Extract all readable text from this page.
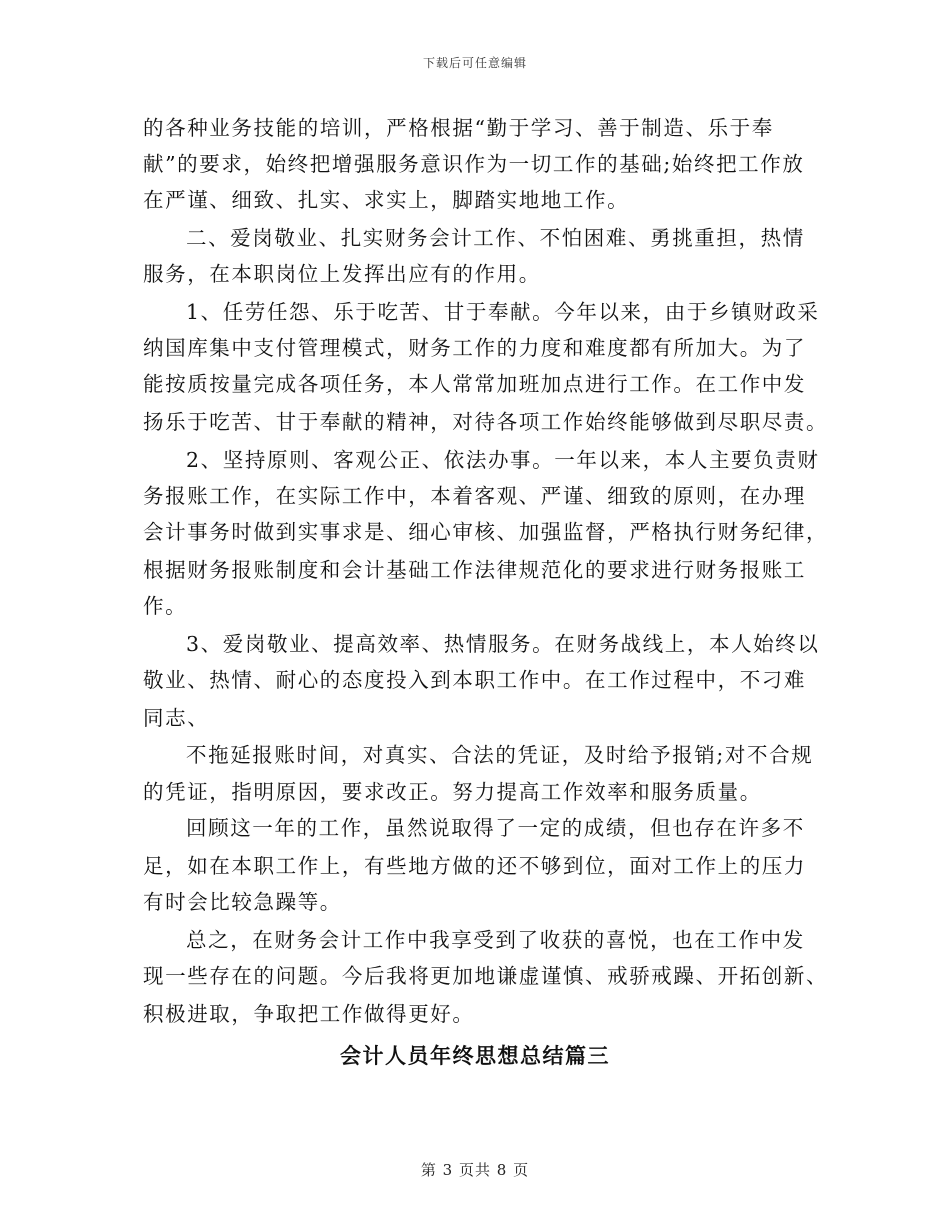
下载后可任意编辑
的各种业务技能的培训，严格根据“勤于学习、善于制造、乐于奉
献”的要求，始终把增强服务意识作为一切工作的基础;始终把工作放
在严谨、细致、扎实、求实上，脚踏实地地工作。
二、爱岗敬业、扎实财务会计工作、不怕困难、勇挑重担，热情
服务，在本职岗位上发挥出应有的作用。
1、任劳任怨、乐于吃苦、甘于奉献。今年以来，由于乡镇财政采
纳国库集中支付管理模式，财务工作的力度和难度都有所加大。为了
能按质按量完成各项任务，本人常常加班加点进行工作。在工作中发
扬乐于吃苦、甘于奉献的精神，对待各项工作始终能够做到尽职尽责。
2、坚持原则、客观公正、依法办事。一年以来，本人主要负责财
务报账工作，在实际工作中，本着客观、严谨、细致的原则，在办理
会计事务时做到实事求是、细心审核、加强监督，严格执行财务纪律，
根据财务报账制度和会计基础工作法律规范化的要求进行财务报账工
作。
3、爱岗敬业、提高效率、热情服务。在财务战线上，本人始终以
敬业、热情、耐心的态度投入到本职工作中。在工作过程中，不刁难
同志、
不拖延报账时间，对真实、合法的凭证，及时给予报销;对不合规
的凭证，指明原因，要求改正。努力提高工作效率和服务质量。
回顾这一年的工作，虽然说取得了一定的成绩，但也存在许多不
足，如在本职工作上，有些地方做的还不够到位，面对工作上的压力
有时会比较急躁等。
总之，在财务会计工作中我享受到了收获的喜悦，也在工作中发
现一些存在的问题。今后我将更加地谦虚谨慎、戒骄戒躁、开拓创新、
积极进取，争取把工作做得更好。
会计人员年终思想总结篇三
第 3 页共 8 页
